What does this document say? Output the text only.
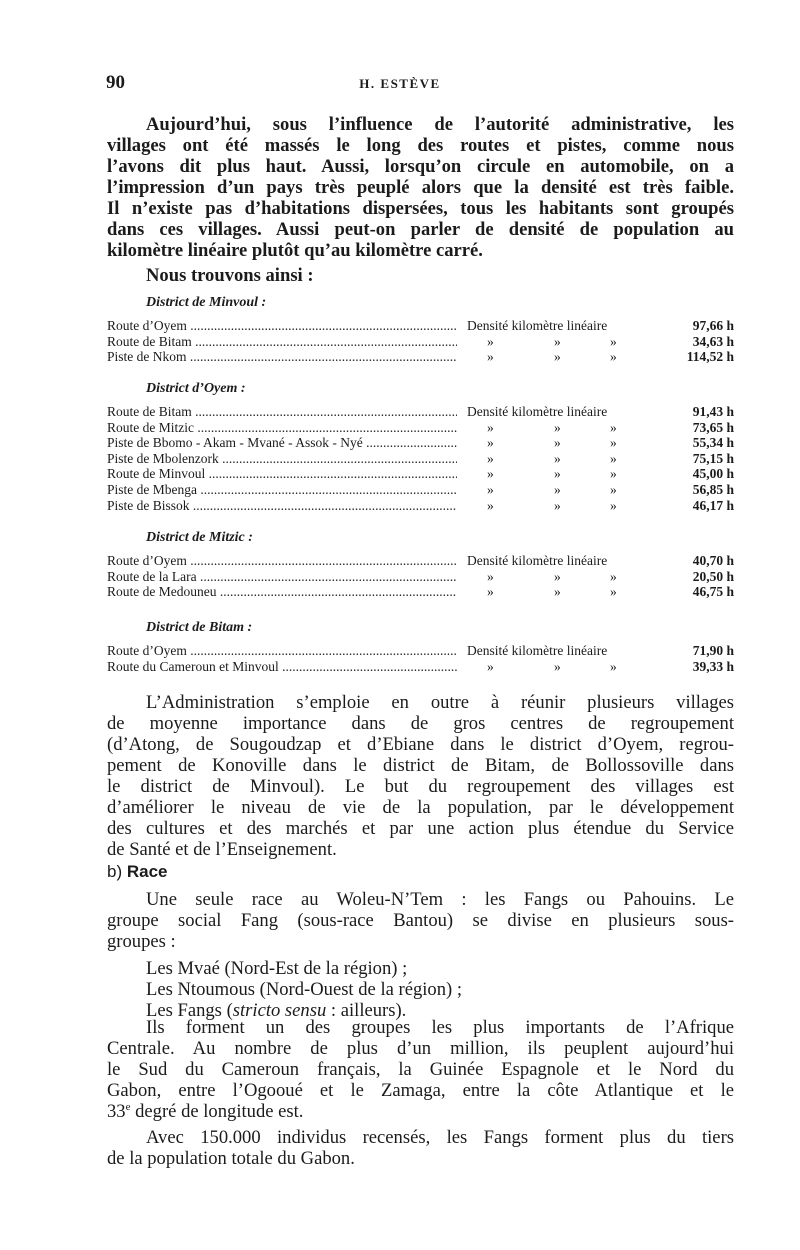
90	H. ESTÈVE
Aujourd’hui, sous l’influence de l’autorité administrative, les
villages ont été massés le long des routes et pistes, comme nous
l’avons dit plus haut. Aussi, lorsqu’on circule en automobile, on a
l’impression d’un pays très peuplé alors que la densité est très faible.
Il n’existe pas d’habitations dispersées, tous les habitants sont groupés
dans ces villages. Aussi peut-on parler de densité de population au
kilomètre linéaire plutôt qu’au kilomètre carré.
Nous trouvons ainsi :
District de Minvoul :
Route d’Oyem .....	Densité kilomètre linéaire	97,66 h
Route de Bitam .....	»	»	»	34,63 h
Piste de Nkom .....	»	»	»	114,52 h
District d’Oyem :
Route de Bitam .....	Densité kilomètre linéaire	91,43 h
Route de Mitzic .....	»	»	»	73,65 h
Piste de Bbomo - Akam - Mvané - Assok - Nyé .....	»	»	»	55,34 h
Piste de Mbolenzork .....	»	»	»	75,15 h
Route de Minvoul .....	»	»	»	45,00 h
Piste de Mbenga .....	»	»	»	56,85 h
Piste de Bissok .....	»	»	»	46,17 h
District de Mitzic :
Route d’Oyem .....	Densité kilomètre linéaire	40,70 h
Route de la Lara .....	»	»	»	20,50 h
Route de Medouneu .....	»	»	»	46,75 h
District de Bitam :
Route d’Oyem .....	Densité kilomètre linéaire	71,90 h
Route du Cameroun et Minvoul .....	»	»	»	39,33 h
L’Administration s’emploie en outre à réunir plusieurs villages
de moyenne importance dans de gros centres de regroupement
(d’Atong, de Sougoudzap et d’Ebiane dans le district d’Oyem, regrou-
pement de Konoville dans le district de Bitam, de Bollossoville dans
le district de Minvoul). Le but du regroupement des villages est
d’améliorer le niveau de vie de la population, par le développement
des cultures et des marchés et par une action plus étendue du Service
de Santé et de l’Enseignement.
b) Race
Une seule race au Woleu-N’Tem : les Fangs ou Pahouins. Le
groupe social Fang (sous-race Bantou) se divise en plusieurs sous-
groupes :
Les Mvaé (Nord-Est de la région) ;
Les Ntoumous (Nord-Ouest de la région) ;
Les Fangs (stricto sensu : ailleurs).
Ils forment un des groupes les plus importants de l’Afrique
Centrale. Au nombre de plus d’un million, ils peuplent aujourd’hui
le Sud du Cameroun français, la Guinée Espagnole et le Nord du
Gabon, entre l’Ogooué et le Zamaga, entre la côte Atlantique et le
33e degré de longitude est.
Avec 150.000 individus recensés, les Fangs forment plus du tiers
de la population totale du Gabon.
